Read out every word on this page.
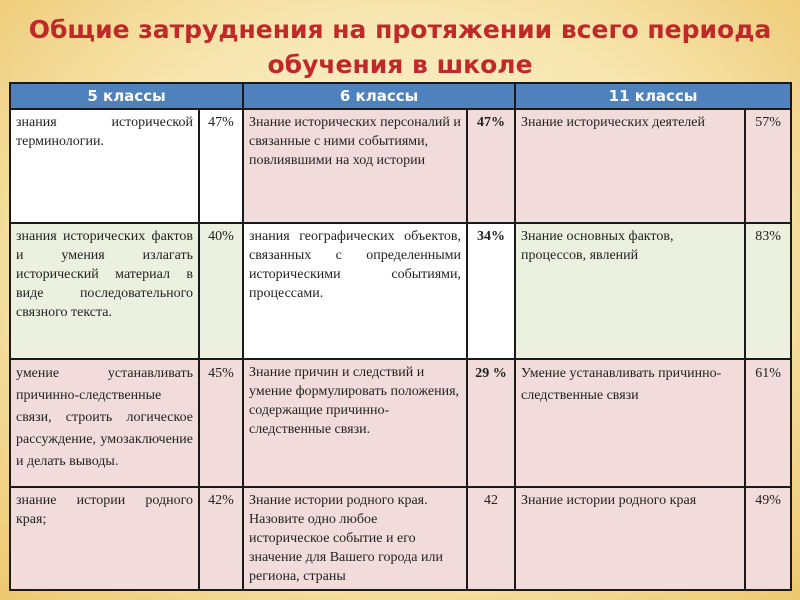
Общие затруднения на протяжении всего периода обучения в школе
5 классы		6 классы		11 классы	
знания исторической терминологии.	47%	Знание исторических персоналий и связанные с ними событиями, повлиявшими на ход истории	47%	Знание исторических деятелей	57%
знания исторических фактов и умения излагать исторический материал в виде последовательного связного текста.	40%	знания географических объектов, связанных с определенными историческими событиями, процессами.	34%	Знание основных фактов, процессов, явлений	83%
умение устанавливать причинно-следственные связи, строить логическое рассуждение, умозаключение и делать выводы.	45%	Знание причин и следствий и умение формулировать положения, содержащие причинно-следственные связи.	29 %	Умение устанавливать причинно-следственные связи	61%
знание истории родного края;	42%	Знание истории родного края. Назовите одно любое историческое событие и его значение для Вашего города или региона, страны	42	Знание истории родного края	49%
